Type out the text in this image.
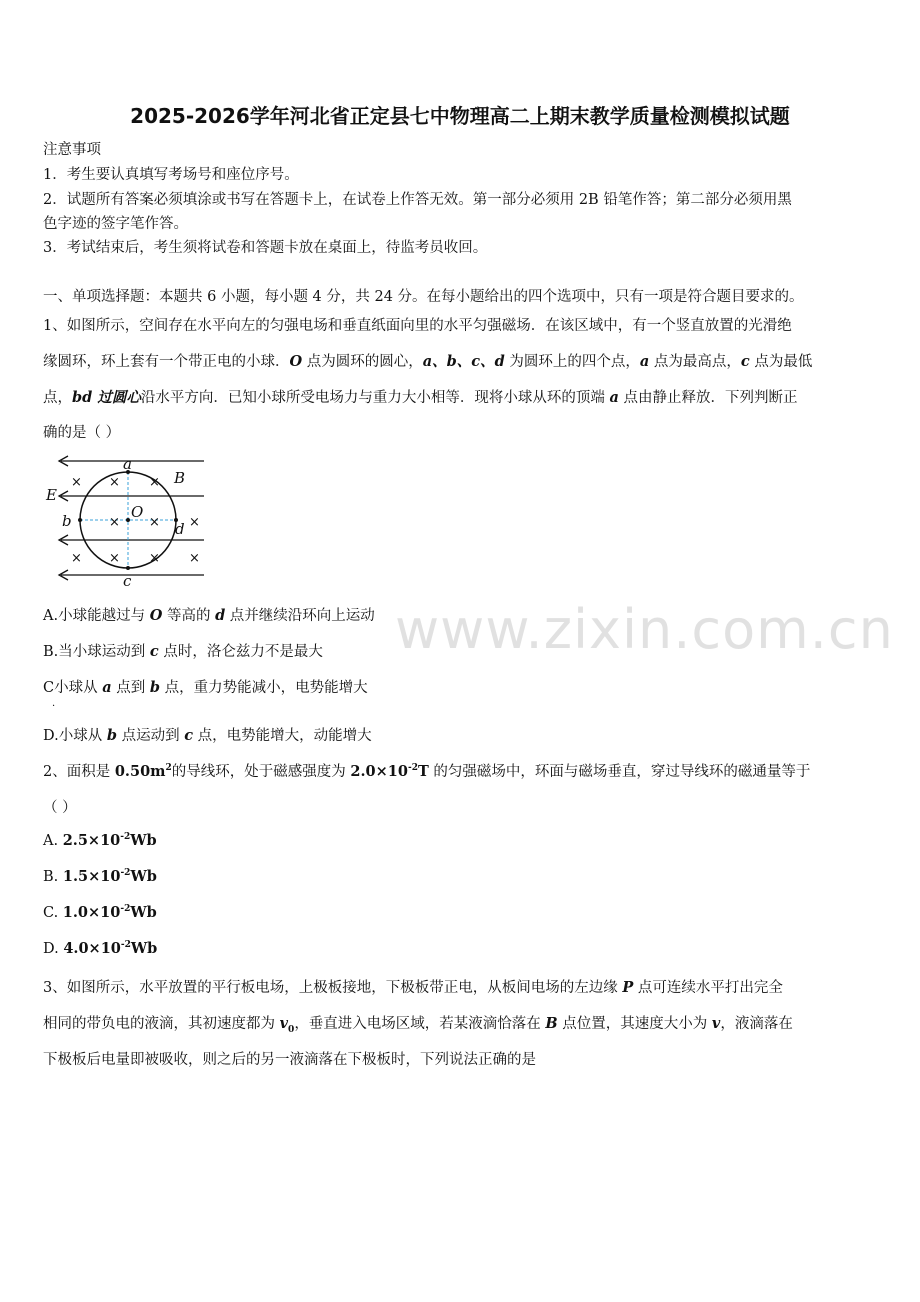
2025-2026学年河北省正定县七中物理高二上期末教学质量检测模拟试题
注意事项
1．考生要认真填写考场号和座位序号。
2．试题所有答案必须填涂或书写在答题卡上，在试卷上作答无效。第一部分必须用 2B 铅笔作答；第二部分必须用黑
色字迹的签字笔作答。
3．考试结束后，考生须将试卷和答题卡放在桌面上，待监考员收回。
一、单项选择题：本题共 6 小题，每小题 4 分，共 24 分。在每小题给出的四个选项中，只有一项是符合题目要求的。
1、如图所示，空间存在水平向左的匀强电场和垂直纸面向里的水平匀强磁场．在该区域中，有一个竖直放置的光滑绝
缘圆环，环上套有一个带正电的小球．O 点为圆环的圆心，a、b、c、d 为圆环上的四个点，a 点为最高点，c 点为最低
点，bd 过圆心沿水平方向．已知小球所受电场力与重力大小相等．现将小球从环的顶端 a 点由静止释放．下列判断正
确的是（ ）
× × ×
× × ×
× × × ×
a
B
E
O
b	d
c
www.zixin.com.cn
A.小球能越过与 O 等高的 d 点并继续沿环向上运动
B.当小球运动到 c 点时，洛仑兹力不是最大
C小球从 a 点到 b 点，重力势能减小，电势能增大
·
D.小球从 b 点运动到 c 点，电势能增大，动能增大
2、面积是 $0.50m^2$的导线环，处于磁感强度为 $2.0\times 10^{-2}T$ 的匀强磁场中，环面与磁场垂直，穿过导线环的磁通量等于
（ ）
A. $2.5\times 10^{-2}Wb$
B. $1.5\times 10^{-2}Wb$
C. $1.0\times 10^{-2}Wb$
D. $4.0\times 10^{-2}Wb$
3、如图所示，水平放置的平行板电场，上极板接地，下极板带正电，从板间电场的左边缘 P 点可连续水平打出完全
相同的带负电的液滴，其初速度都为 $v_0$，垂直进入电场区域，若某液滴恰落在 B 点位置，其速度大小为 v，液滴落在
下极板后电量即被吸收，则之后的另一液滴落在下极板时，下列说法正确的是
